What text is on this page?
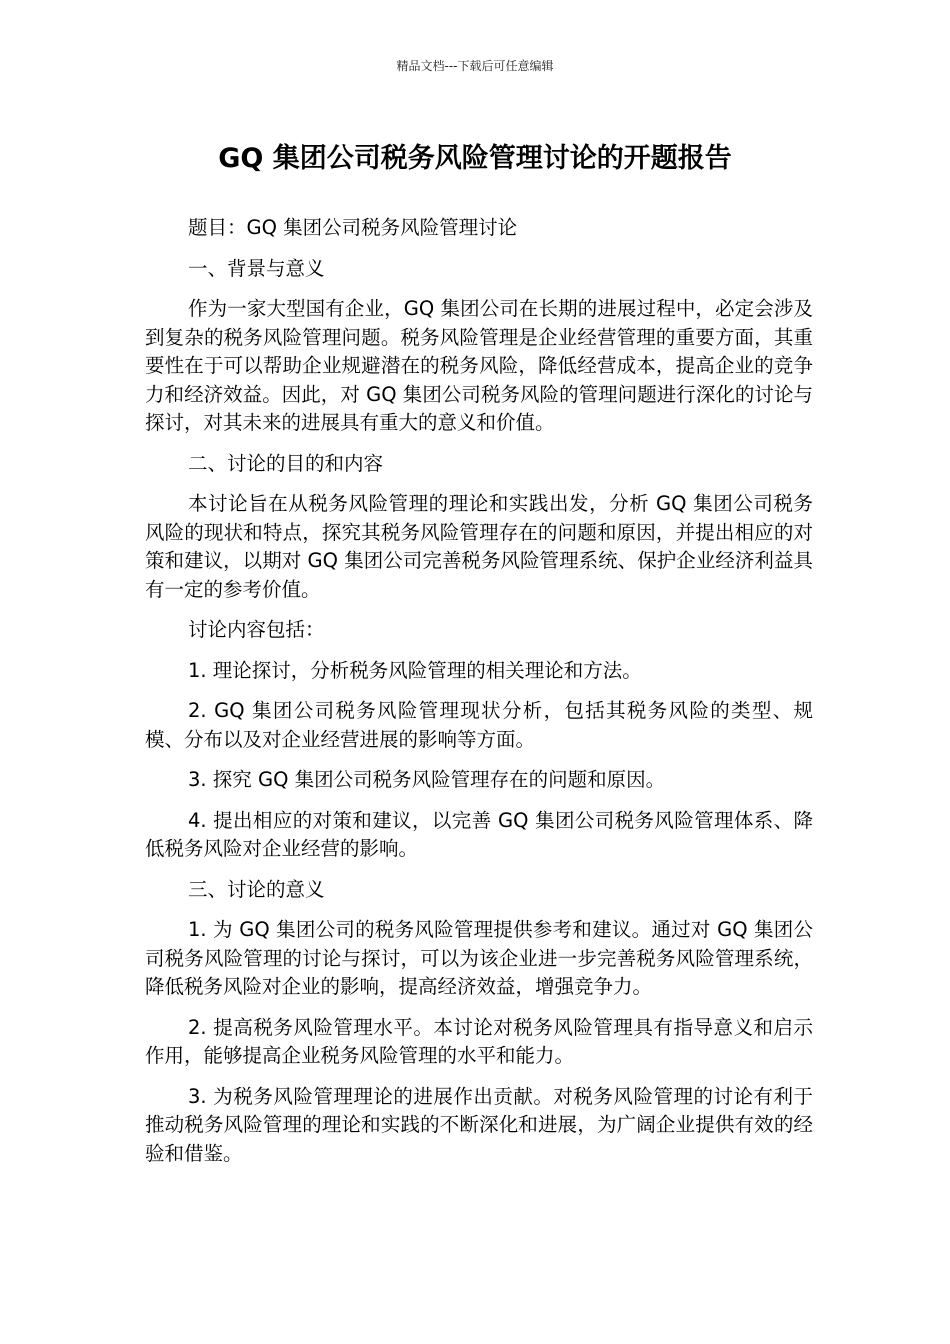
精品文档---下载后可任意编辑
GQ 集团公司税务风险管理讨论的开题报告

题目：GQ 集团公司税务风险管理讨论

一、背景与意义

作为一家大型国有企业，GQ 集团公司在长期的进展过程中，必定会涉及到复杂的税务风险管理问题。税务风险管理是企业经营管理的重要方面，其重要性在于可以帮助企业规避潜在的税务风险，降低经营成本，提高企业的竞争力和经济效益。因此，对 GQ 集团公司税务风险的管理问题进行深化的讨论与探讨，对其未来的进展具有重大的意义和价值。

二、讨论的目的和内容

本讨论旨在从税务风险管理的理论和实践出发，分析 GQ 集团公司税务风险的现状和特点，探究其税务风险管理存在的问题和原因，并提出相应的对策和建议，以期对 GQ 集团公司完善税务风险管理系统、保护企业经济利益具有一定的参考价值。

讨论内容包括：

1. 理论探讨，分析税务风险管理的相关理论和方法。

2. GQ 集团公司税务风险管理现状分析，包括其税务风险的类型、规模、分布以及对企业经营进展的影响等方面。

3. 探究 GQ 集团公司税务风险管理存在的问题和原因。

4. 提出相应的对策和建议，以完善 GQ 集团公司税务风险管理体系、降低税务风险对企业经营的影响。

三、讨论的意义

1. 为 GQ 集团公司的税务风险管理提供参考和建议。通过对 GQ 集团公司税务风险管理的讨论与探讨，可以为该企业进一步完善税务风险管理系统，降低税务风险对企业的影响，提高经济效益，增强竞争力。

2. 提高税务风险管理水平。本讨论对税务风险管理具有指导意义和启示作用，能够提高企业税务风险管理的水平和能力。

3. 为税务风险管理理论的进展作出贡献。对税务风险管理的讨论有利于推动税务风险管理的理论和实践的不断深化和进展，为广阔企业提供有效的经验和借鉴。
